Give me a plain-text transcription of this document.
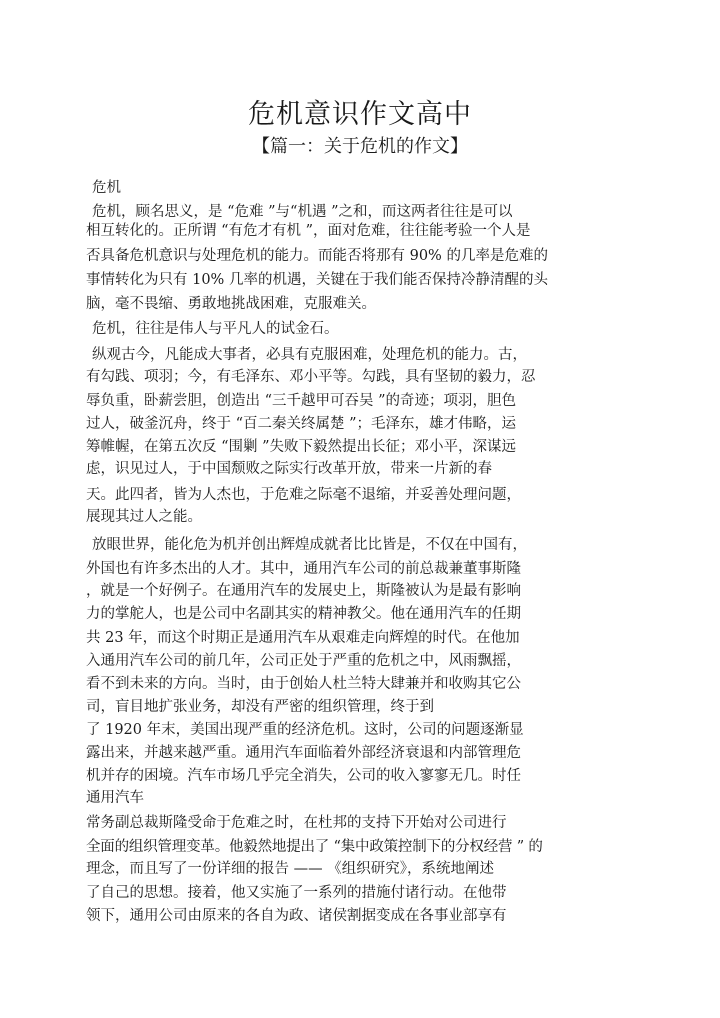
危机意识作文高中
【篇一：关于危机的作文】
危机
危机，顾名思义，是 “危难 ”与“机遇 ”之和，而这两者往往是可以
相互转化的。正所谓 “有危才有机 ”，面对危难，往往能考验一个人是
否具备危机意识与处理危机的能力。而能否将那有 90% 的几率是危难的
事情转化为只有 10% 几率的机遇，关键在于我们能否保持冷静清醒的头
脑，毫不畏缩、勇敢地挑战困难，克服难关。
危机，往往是伟人与平凡人的试金石。
纵观古今，凡能成大事者，必具有克服困难，处理危机的能力。古，
有勾践、项羽；今，有毛泽东、邓小平等。勾践，具有坚韧的毅力，忍
辱负重，卧薪尝胆，创造出 “三千越甲可吞吴 ”的奇迹；项羽，胆色
过人，破釜沉舟，终于 “百二秦关终属楚 ”；毛泽东，雄才伟略，运
筹帷幄，在第五次反 “围剿 ”失败下毅然提出长征；邓小平，深谋远
虑，识见过人，于中国颓败之际实行改革开放，带来一片新的春
天。此四者，皆为人杰也，于危难之际毫不退缩，并妥善处理问题，
展现其过人之能。
放眼世界，能化危为机并创出辉煌成就者比比皆是，不仅在中国有，
外国也有许多杰出的人才。其中，通用汽车公司的前总裁兼董事斯隆
，就是一个好例子。在通用汽车的发展史上，斯隆被认为是最有影响
力的掌舵人，也是公司中名副其实的精神教父。他在通用汽车的任期
共 23 年，而这个时期正是通用汽车从艰难走向辉煌的时代。在他加
入通用汽车公司的前几年，公司正处于严重的危机之中，风雨飘摇，
看不到未来的方向。当时，由于创始人杜兰特大肆兼并和收购其它公
司，盲目地扩张业务，却没有严密的组织管理，终于到
了 1920 年末，美国出现严重的经济危机。这时，公司的问题逐渐显
露出来，并越来越严重。通用汽车面临着外部经济衰退和内部管理危
机并存的困境。汽车市场几乎完全消失，公司的收入寥寥无几。时任
通用汽车
常务副总裁斯隆受命于危难之时，在杜邦的支持下开始对公司进行
全面的组织管理变革。他毅然地提出了 “集中政策控制下的分权经营 ” 的
理念，而且写了一份详细的报告 —— 《组织研究》，系统地阐述
了自己的思想。接着，他又实施了一系列的措施付诸行动。在他带
领下，通用公司由原来的各自为政、诸侯割据变成在各事业部享有
